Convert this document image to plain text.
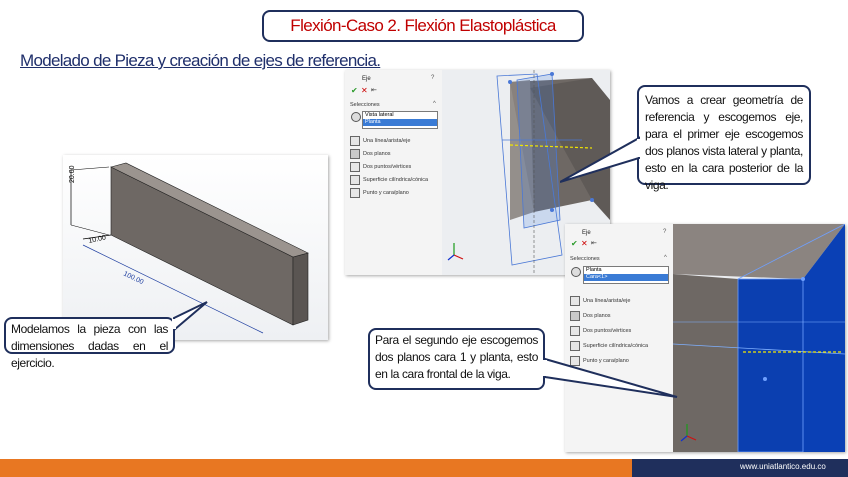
Flexión-Caso 2. Flexión Elastoplástica
Modelado de Pieza y creación de ejes de referencia.
20.00
10.00
100.00
Eje	?
✔ ✕ ⇤
Selecciones	^
Vista lateral
Planta
Una línea/arista/eje
Dos planos
Dos puntos/vértices
Superficie cilíndrica/cónica
Punto y cara/plano
Eje	?
✔ ✕ ⇤
Selecciones	^
Planta
Cara<1>
Una línea/arista/eje
Dos planos
Dos puntos/vértices
Superficie cilíndrica/cónica
Punto y cara/plano
Vamos a crear geometría de referencia y escogemos eje, para el primer eje escogemos dos planos vista lateral y planta, esto en la cara posterior de la viga.
Modelamos la pieza con las dimensiones dadas en el ejercicio.
Para el segundo eje escogemos dos planos cara 1 y planta, esto en la cara frontal de la viga.
www.uniatlantico.edu.co
